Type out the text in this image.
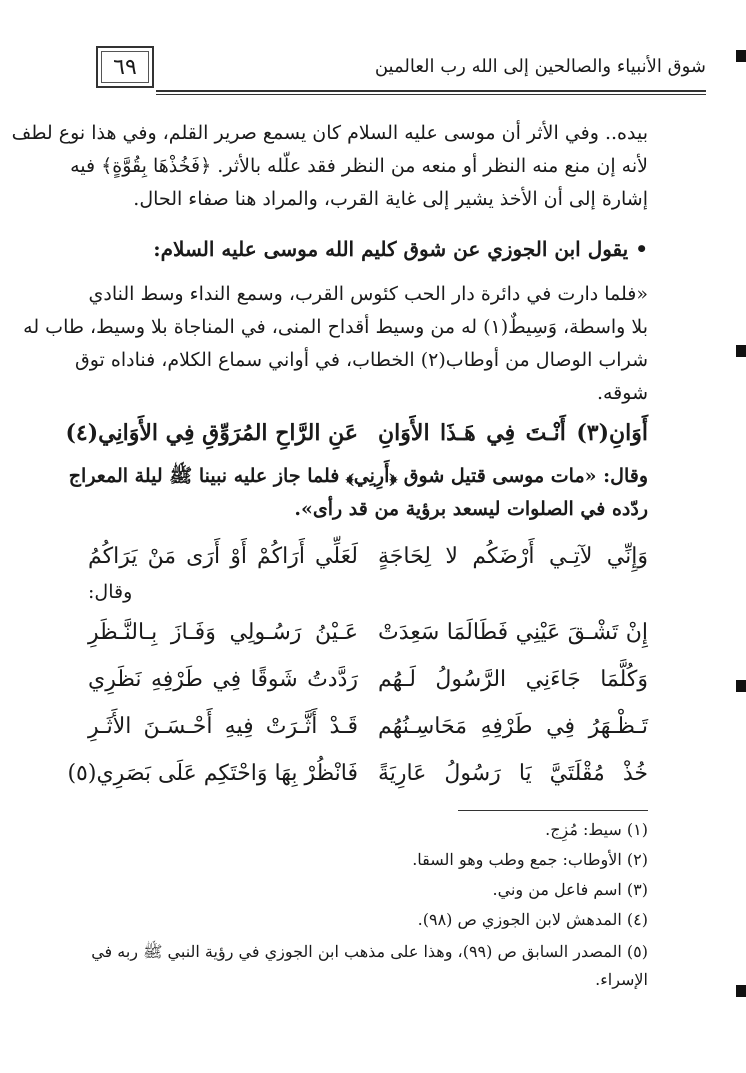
٦٩	شوق الأنبياء والصالحين إلى الله رب العالمين
بيده.. وفي الأثر أن موسى عليه السلام كان يسمع صرير القلم، وفي هذا نوع لطف
لأنه إن منع منه النظر أو منعه من النظر فقد علّله بالأثر. ﴿فَخُذْهَا بِقُوَّةٍ﴾ فيه
إشارة إلى أن الأخذ يشير إلى غاية القرب، والمراد هنا صفاء الحال.
• يقول ابن الجوزي عن شوق كليم الله موسى عليه السلام:
«فلما دارت في دائرة دار الحب كئوس القرب، وسمع النداء وسط النادي
بلا واسطة، وَسِيطٌ(١) له من وسيط أقداح المنى، في المناجاة بلا وسيط، طاب له
شراب الوصال من أوطاب(٢) الخطاب، في أواني سماع الكلام، فناداه توق
شوقه.
أَوَانِ(٣) أَنْـتَ فِي هَـذَا الأَوَانِ
عَنِ الرَّاحِ المُرَوِّقِ فِي الأَوَانِي(٤)
وقال: «مات موسى قتيل شوق ﴿أَرِنِي﴾ فلما جاز عليه نبينا ﷺ ليلة المعراج
ردّده في الصلوات ليسعد برؤية من قد رأى».
وَإِنِّي لآتِـي أَرْضَكُم لا لِحَاجَةٍ
لَعَلِّي أَرَاكُمْ أَوْ أَرَى مَنْ يَرَاكُمُ
وقال:
إِنْ تَشْـقَ عَيْنِي فَطَالَمَا سَعِدَتْ
عَـيْنُ رَسُـولِي وَفَـازَ بِـالنَّـظَرِ
وَكُلَّمَا جَاءَنِي الرَّسُولُ لَـهُم
رَدَّدتُ شَوقًا فِي طَرْفِهِ نَظَرِي
تَـظْـهَرُ فِي طَرْفِهِ مَحَاسِـنُهُم
قَـدْ أَثَّـرَتْ فِيهِ أَحْـسَـنَ الأَثَـرِ
خُذْ مُقْلَتَيَّ يَا رَسُولُ عَارِيَةً
فَانْظُرْ بِهَا وَاحْتَكِم عَلَى بَصَرِي(٥)
(١) سيط: مُزِج.
(٢) الأوطاب: جمع وطب وهو السقا.
(٣) اسم فاعل من وني.
(٤) المدهش لابن الجوزي ص (٩٨).
(٥) المصدر السابق ص (٩٩)، وهذا على مذهب ابن الجوزي في رؤية النبي ﷺ ربه في
الإسراء.
